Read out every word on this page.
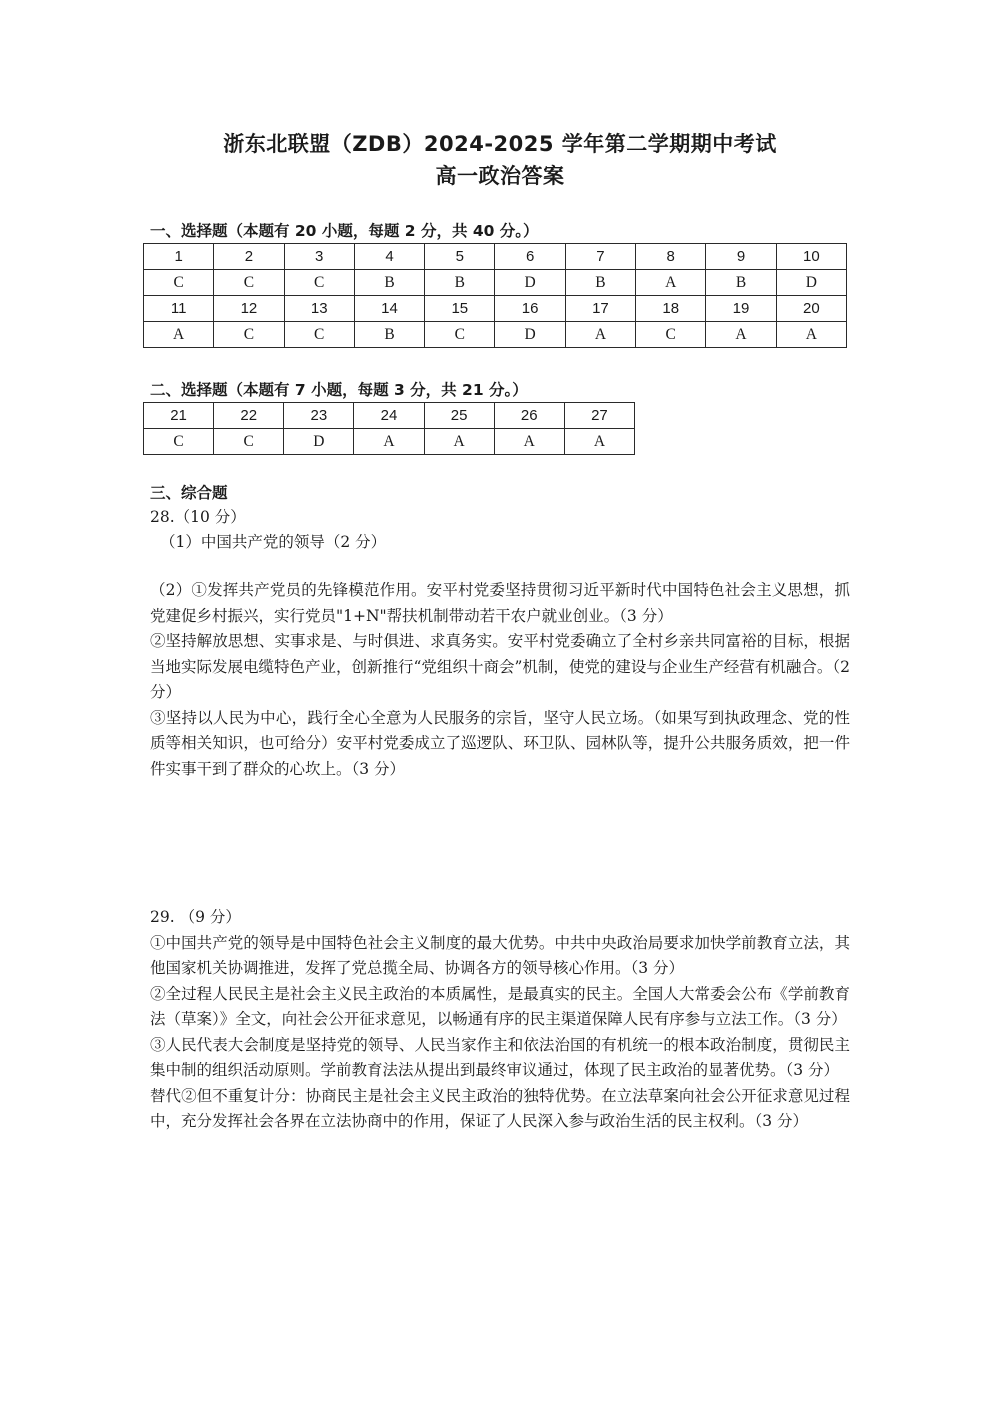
浙东北联盟（ZDB）2024-2025 学年第二学期期中考试
高一政治答案
一、选择题（本题有 20 小题，每题 2 分，共 40 分。）
1	2	3	4	5	6	7	8	9	10
C	C	C	B	B	D	B	A	B	D
11	12	13	14	15	16	17	18	19	20
A	C	C	B	C	D	A	C	A	A
二、选择题（本题有 7 小题，每题 3 分，共 21 分。）
21	22	23	24	25	26	27
C	C	D	A	A	A	A
三、综合题
28.（10 分）
（1）中国共产党的领导（2 分）

（2）①发挥共产党员的先锋模范作用。安平村党委坚持贯彻习近平新时代中国特色社会主义思想，抓党建促乡村振兴，实行党员"1+N"帮扶机制带动若干农户就业创业。（3 分）

②坚持解放思想、实事求是、与时俱进、求真务实。安平村党委确立了全村乡亲共同富裕的目标，根据当地实际发展电缆特色产业，创新推行“党组织十商会”机制，使党的建设与企业生产经营有机融合。（2 分）

③坚持以人民为中心，践行全心全意为人民服务的宗旨，坚守人民立场。（如果写到执政理念、党的性质等相关知识，也可给分）安平村党委成立了巡逻队、环卫队、园林队等，提升公共服务质效，把一件件实事干到了群众的心坎上。（3 分）

29. （9 分）

①中国共产党的领导是中国特色社会主义制度的最大优势。中共中央政治局要求加快学前教育立法，其他国家机关协调推进，发挥了党总揽全局、协调各方的领导核心作用。（3 分）

②全过程人民民主是社会主义民主政治的本质属性，是最真实的民主。全国人大常委会公布《学前教育法（草案）》全文，向社会公开征求意见，以畅通有序的民主渠道保障人民有序参与立法工作。（3 分）

③人民代表大会制度是坚持党的领导、人民当家作主和依法治国的有机统一的根本政治制度，贯彻民主集中制的组织活动原则。学前教育法法从提出到最终审议通过，体现了民主政治的显著优势。（3 分）

替代②但不重复计分：协商民主是社会主义民主政治的独特优势。在立法草案向社会公开征求意见过程中，充分发挥社会各界在立法协商中的作用，保证了人民深入参与政治生活的民主权利。（3 分）
